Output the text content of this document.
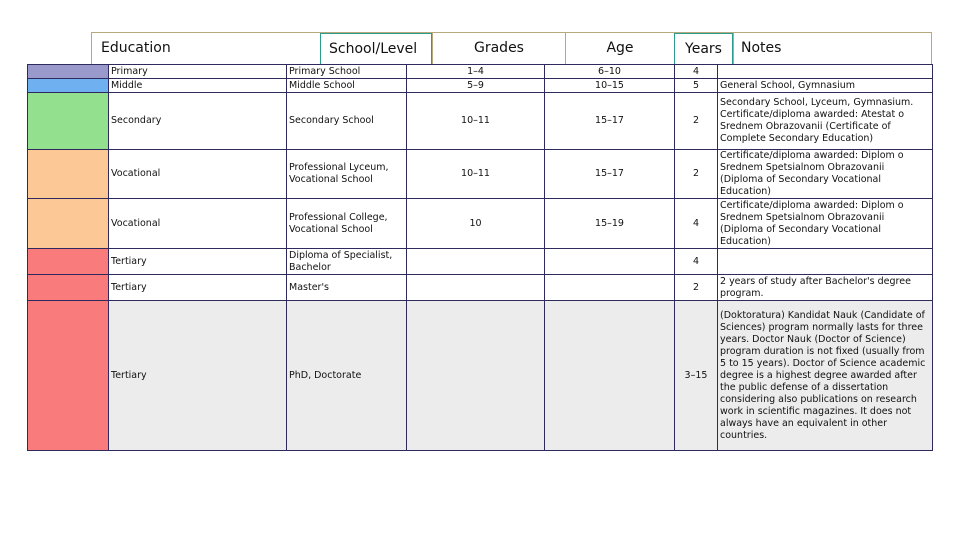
Education	School/Level	Grades	Age	Years	Notes
	Primary	Primary School	1–4	6–10	4	
	Middle	Middle School	5–9	10–15	5	General School, Gymnasium
	Secondary	Secondary School	10–11	15–17	2	Secondary School, Lyceum, Gymnasium. Certificate/diploma awarded: Atestat o Srednem Obrazovanii (Certificate of Complete Secondary Education)
	Vocational	Professional Lyceum, Vocational School	10–11	15–17	2	Certificate/diploma awarded: Diplom o Srednem Spetsialnom Obrazovanii (Diploma of Secondary Vocational Education)
	Vocational	Professional College, Vocational School	10	15–19	4	Certificate/diploma awarded: Diplom o Srednem Spetsialnom Obrazovanii (Diploma of Secondary Vocational Education)
	Tertiary	Diploma of Specialist, Bachelor			4	
	Tertiary	Master's			2	2 years of study after Bachelor's degree program.
	Tertiary	PhD, Doctorate			3–15	(Doktoratura) Kandidat Nauk (Candidate of Sciences) program normally lasts for three years. Doctor Nauk (Doctor of Science) program duration is not fixed (usually from 5 to 15 years). Doctor of Science academic degree is a highest degree awarded after the public defense of a dissertation considering also publications on research work in scientific magazines. It does not always have an equivalent in other countries.
